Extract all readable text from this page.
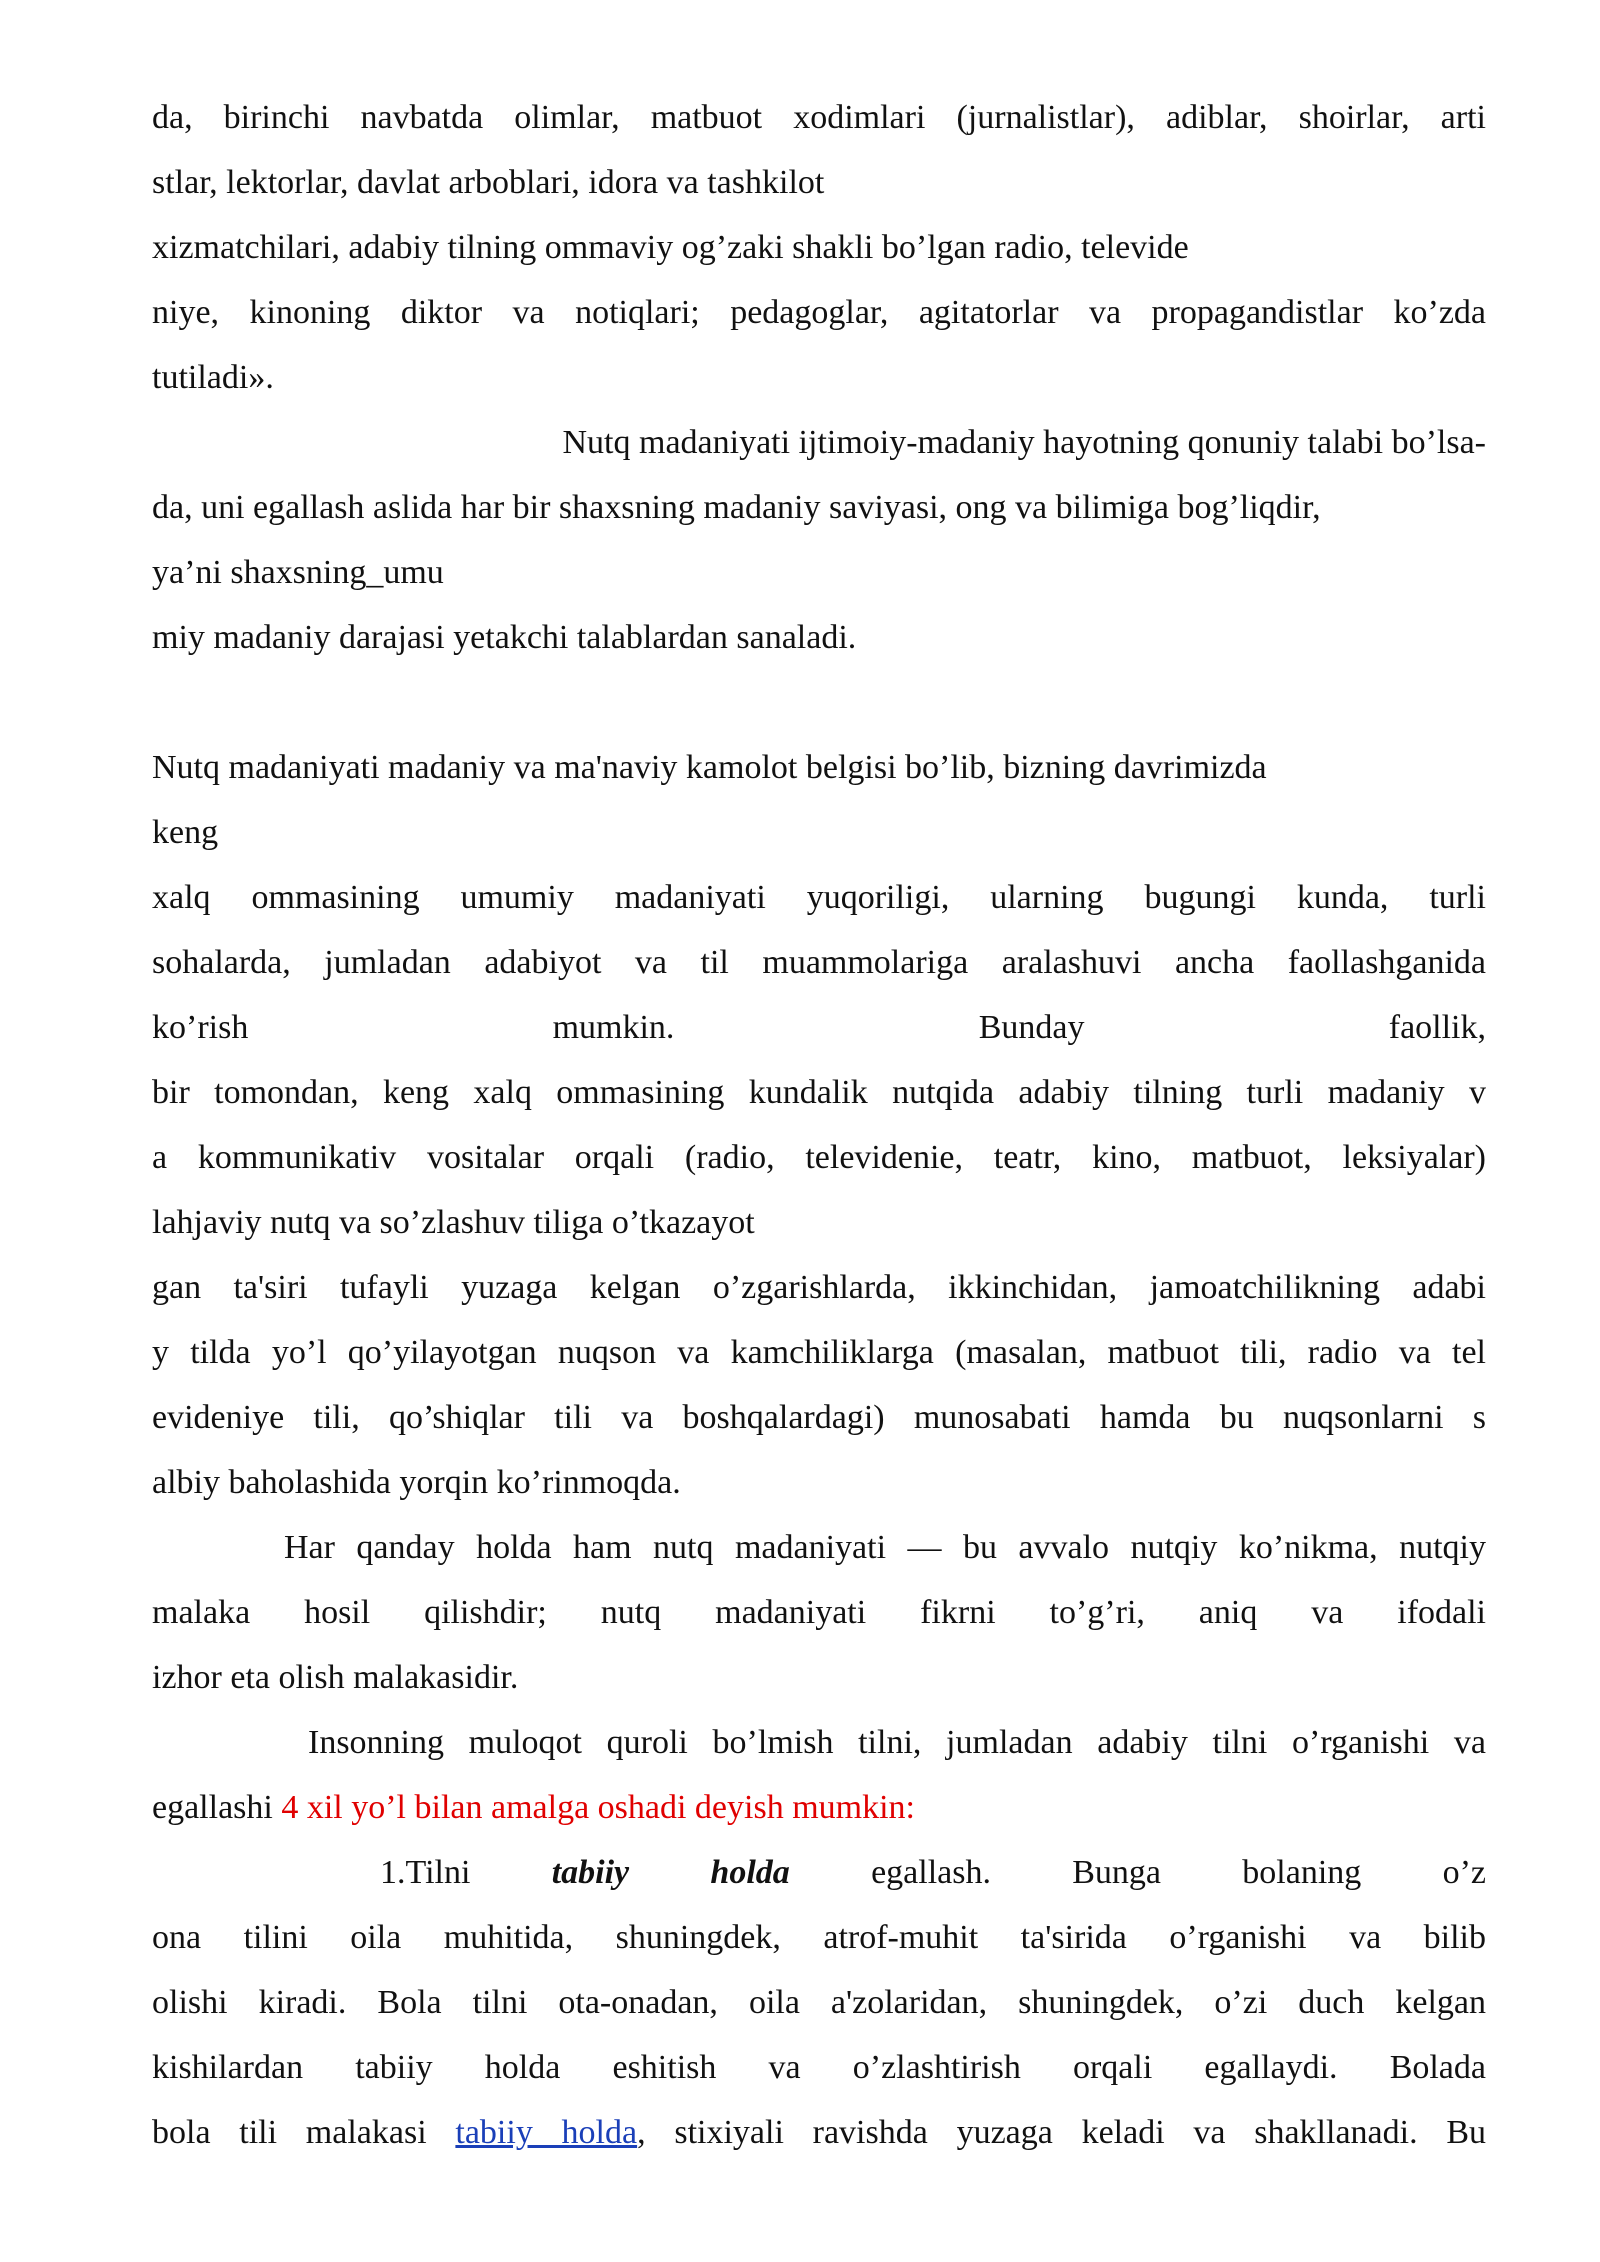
da, birinchi navbatda olimlar, matbuot xodimlari (jurnalistlar), adiblar, shoirlar, arti

stlar, lektorlar, davlat arboblari, idora va tashkilot

xizmatchilari, adabiy tilning ommaviy og’zaki shakli bo’lgan radio, televide

niye, kinoning diktor va notiqlari; pedagoglar, agitatorlar va propagandistlar ko’zda

tutiladi».

Nutq madaniyati ijtimoiy-madaniy hayotning qonuniy talabi bo’lsa-

da, uni egallash aslida har bir shaxsning madaniy saviyasi, ong va bilimiga bog’liqdir,

ya’ni shaxsning_umu

miy madaniy darajasi yetakchi talablardan sanaladi.

Nutq madaniyati madaniy va ma'naviy kamolot belgisi bo’lib, bizning davrimizda

keng

xalq ommasining umumiy madaniyati yuqoriligi, ularning bugungi kunda, turli

sohalarda, jumladan adabiyot va til muammolariga aralashuvi ancha faollashganida

ko’rish mumkin. Bunday faollik,

bir tomondan, keng xalq ommasining kundalik nutqida adabiy tilning turli madaniy v

a kommunikativ vositalar orqali (radio, televidenie, teatr, kino, matbuot, leksiyalar)

lahjaviy nutq va so’zlashuv tiliga o’tkazayot

gan ta'siri tufayli yuzaga kelgan o’zgarishlarda, ikkinchidan, jamoatchilikning adabi

y tilda yo’l qo’yilayotgan nuqson va kamchiliklarga (masalan, matbuot tili, radio va tel

evideniye tili, qo’shiqlar tili va boshqalardagi) munosabati hamda bu nuqsonlarni s

albiy baholashida yorqin ko’rinmoqda.

Har qanday holda ham nutq madaniyati — bu avvalo nutqiy ko’nikma, nutqiy

malaka hosil qilishdir; nutq madaniyati fikrni to’g’ri, aniq va ifodali

izhor eta olish malakasidir.

Insonning muloqot quroli bo’lmish tilni, jumladan adabiy tilni o’rganishi va

egallashi 4 xil yo’l bilan amalga oshadi deyish mumkin:

1.Tilni tabiiy holda egallash. Bunga bolaning o’z

ona tilini oila muhitida, shuningdek, atrof-muhit ta'sirida o’rganishi va bilib

olishi kiradi. Bola tilni ota-onadan, oila a'zolaridan, shuningdek, o’zi duch kelgan

kishilardan tabiiy holda eshitish va o’zlashtirish orqali egallaydi. Bolada

bola tili malakasi tabiiy holda, stixiyali ravishda yuzaga keladi va shakllanadi. Bu
